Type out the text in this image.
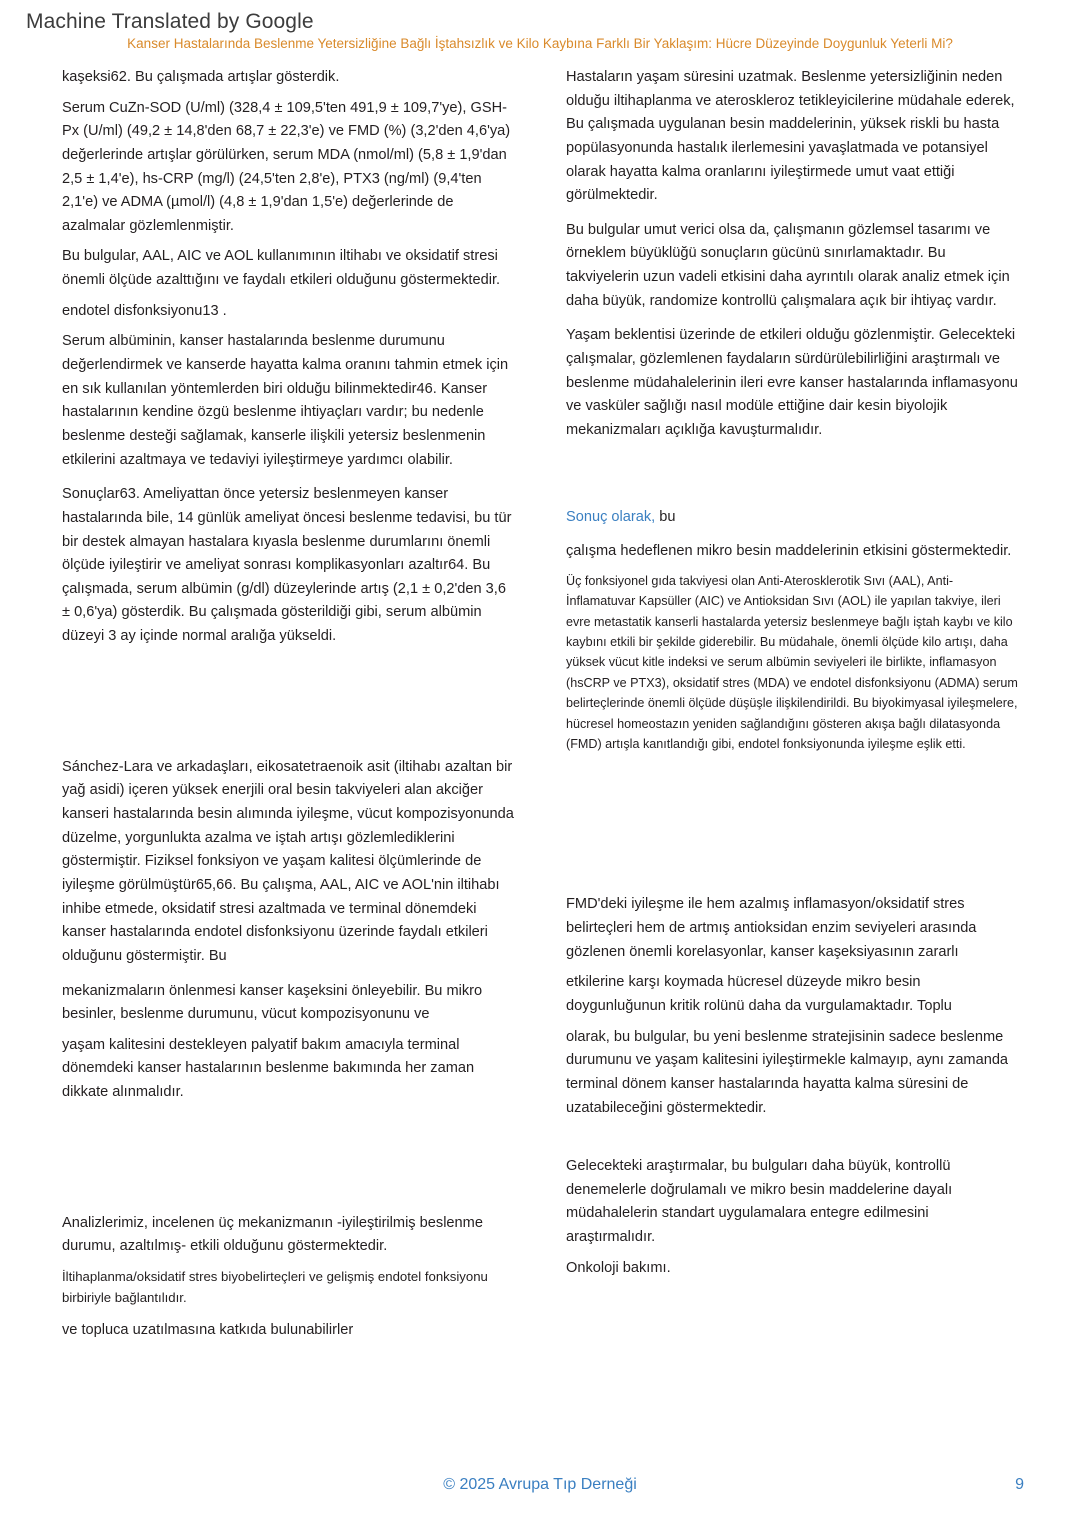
Machine Translated by Google
Kanser Hastalarında Beslenme Yetersizliğine Bağlı İştahsızlık ve Kilo Kaybına Farklı Bir Yaklaşım: Hücre Düzeyinde Doygunluk Yeterli Mi?

kaşeksi62. Bu çalışmada artışlar gösterdik.

Serum CuZn-SOD (U/ml) (328,4 ± 109,5'ten 491,9 ± 109,7'ye), GSH-Px (U/ml) (49,2 ± 14,8'den 68,7 ± 22,3'e) ve FMD (%) (3,2'den 4,6'ya) değerlerinde artışlar görülürken, serum MDA (nmol/ml) (5,8 ± 1,9'dan 2,5 ± 1,4'e), hs-CRP (mg/l) (24,5'ten 2,8'e), PTX3 (ng/ml) (9,4'ten 2,1'e) ve ADMA (µmol/l) (4,8 ± 1,9'dan 1,5'e) değerlerinde de azalmalar gözlemlenmiştir.

Bu bulgular, AAL, AIC ve AOL kullanımının iltihabı ve oksidatif stresi önemli ölçüde azalttığını ve faydalı etkileri olduğunu göstermektedir.

endotel disfonksiyonu13 .

Serum albüminin, kanser hastalarında beslenme durumunu değerlendirmek ve kanserde hayatta kalma oranını tahmin etmek için en sık kullanılan yöntemlerden biri olduğu bilinmektedir46. Kanser hastalarının kendine özgü beslenme ihtiyaçları vardır; bu nedenle beslenme desteği sağlamak, kanserle ilişkili yetersiz beslenmenin etkilerini azaltmaya ve tedaviyi iyileştirmeye yardımcı olabilir.

Sonuçlar63. Ameliyattan önce yetersiz beslenmeyen kanser hastalarında bile, 14 günlük ameliyat öncesi beslenme tedavisi, bu tür bir destek almayan hastalara kıyasla beslenme durumlarını önemli ölçüde iyileştirir ve ameliyat sonrası komplikasyonları azaltır64. Bu çalışmada, serum albümin (g/dl) düzeylerinde artış (2,1 ± 0,2'den 3,6 ± 0,6'ya) gösterdik. Bu çalışmada gösterildiği gibi, serum albümin düzeyi 3 ay içinde normal aralığa yükseldi.

Sánchez-Lara ve arkadaşları, eikosatetraenoik asit (iltihabı azaltan bir yağ asidi) içeren yüksek enerjili oral besin takviyeleri alan akciğer kanseri hastalarında besin alımında iyileşme, vücut kompozisyonunda düzelme, yorgunlukta azalma ve iştah artışı gözlemlediklerini göstermiştir. Fiziksel fonksiyon ve yaşam kalitesi ölçümlerinde de iyileşme görülmüştür65,66. Bu çalışma, AAL, AIC ve AOL'nin iltihabı inhibe etmede, oksidatif stresi azaltmada ve terminal dönemdeki kanser hastalarında endotel disfonksiyonu üzerinde faydalı etkileri olduğunu göstermiştir. Bu

mekanizmaların önlenmesi kanser kaşeksini önleyebilir. Bu mikro besinler, beslenme durumunu, vücut kompozisyonunu ve

yaşam kalitesini destekleyen palyatif bakım amacıyla terminal dönemdeki kanser hastalarının beslenme bakımında her zaman dikkate alınmalıdır.

Analizlerimiz, incelenen üç mekanizmanın -iyileştirilmiş beslenme durumu, azaltılmış- etkili olduğunu göstermektedir.

İltihaplanma/oksidatif stres biyobelirteçleri ve gelişmiş endotel fonksiyonu birbiriyle bağlantılıdır.

ve topluca uzatılmasına katkıda bulunabilirler

Hastaların yaşam süresini uzatmak. Beslenme yetersizliğinin neden olduğu iltihaplanma ve ateroskleroz tetikleyicilerine müdahale ederek, Bu çalışmada uygulanan besin maddelerinin, yüksek riskli bu hasta popülasyonunda hastalık ilerlemesini yavaşlatmada ve potansiyel olarak hayatta kalma oranlarını iyileştirmede umut vaat ettiği görülmektedir.

Bu bulgular umut verici olsa da, çalışmanın gözlemsel tasarımı ve örneklem büyüklüğü sonuçların gücünü sınırlamaktadır. Bu takviyelerin uzun vadeli etkisini daha ayrıntılı olarak analiz etmek için daha büyük, randomize kontrollü çalışmalara açık bir ihtiyaç vardır.

Yaşam beklentisi üzerinde de etkileri olduğu gözlenmiştir. Gelecekteki çalışmalar, gözlemlenen faydaların sürdürülebilirliğini araştırmalı ve beslenme müdahalelerinin ileri evre kanser hastalarında inflamasyonu ve vasküler sağlığı nasıl modüle ettiğine dair kesin biyolojik mekanizmaları açıklığa kavuşturmalıdır.

Sonuç olarak, bu

çalışma hedeflenen mikro besin maddelerinin etkisini göstermektedir.

Üç fonksiyonel gıda takviyesi olan Anti-Aterosklerotik Sıvı (AAL), Anti-İnflamatuvar Kapsüller (AIC) ve Antioksidan Sıvı (AOL) ile yapılan takviye, ileri evre metastatik kanserli hastalarda yetersiz beslenmeye bağlı iştah kaybı ve kilo kaybını etkili bir şekilde giderebilir. Bu müdahale, önemli ölçüde kilo artışı, daha yüksek vücut kitle indeksi ve serum albümin seviyeleri ile birlikte, inflamasyon (hsCRP ve PTX3), oksidatif stres (MDA) ve endotel disfonksiyonu (ADMA) serum belirteçlerinde önemli ölçüde düşüşle ilişkilendirildi. Bu biyokimyasal iyileşmelere, hücresel homeostazın yeniden sağlandığını gösteren akışa bağlı dilatasyonda (FMD) artışla kanıtlandığı gibi, endotel fonksiyonunda iyileşme eşlik etti.

FMD'deki iyileşme ile hem azalmış inflamasyon/oksidatif stres belirteçleri hem de artmış antioksidan enzim seviyeleri arasında gözlenen önemli korelasyonlar, kanser kaşeksiyasının zararlı

etkilerine karşı koymada hücresel düzeyde mikro besin doygunluğunun kritik rolünü daha da vurgulamaktadır. Toplu

olarak, bu bulgular, bu yeni beslenme stratejisinin sadece beslenme durumunu ve yaşam kalitesini iyileştirmekle kalmayıp, aynı zamanda terminal dönem kanser hastalarında hayatta kalma süresini de uzatabileceğini göstermektedir.

Gelecekteki araştırmalar, bu bulguları daha büyük, kontrollü denemelerle doğrulamalı ve mikro besin maddelerine dayalı müdahalelerin standart uygulamalara entegre edilmesini araştırmalıdır.

Onkoloji bakımı.

© 2025 Avrupa Tıp Derneği	9
